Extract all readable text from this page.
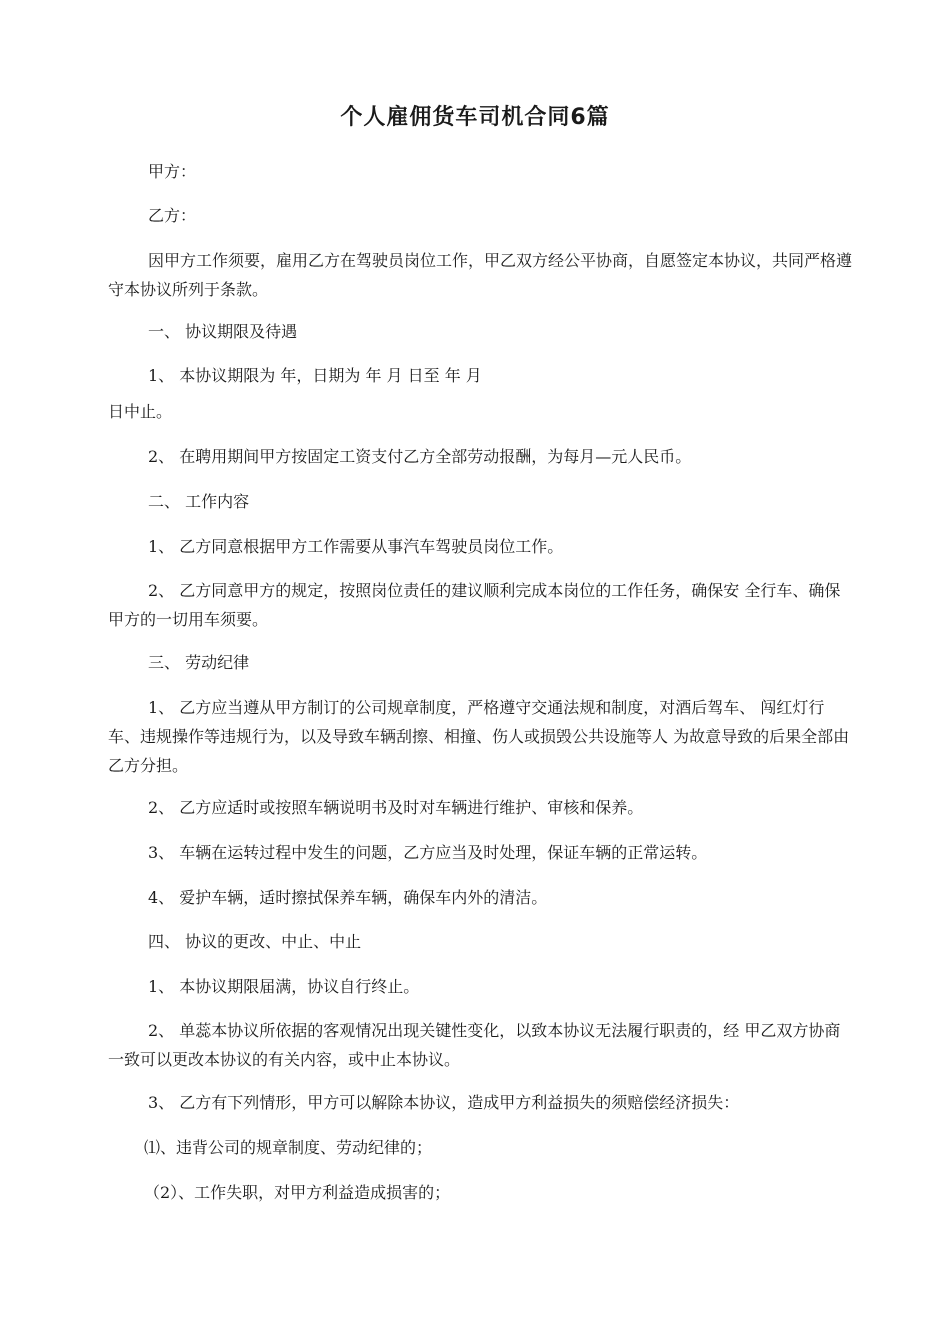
个人雇佣货车司机合同6篇
甲方：
乙方：
因甲方工作须要，雇用乙方在驾驶员岗位工作，甲乙双方经公平协商，自愿签定本协议，共同严格遵守本协议所列于条款。
一、 协议期限及待遇
1、 本协议期限为 年，日期为 年 月 日至 年 月
日中止。
2、 在聘用期间甲方按固定工资支付乙方全部劳动报酬，为每月—元人民币。
二、 工作内容
1、 乙方同意根据甲方工作需要从事汽车驾驶员岗位工作。
2、 乙方同意甲方的规定，按照岗位责任的建议顺利完成本岗位的工作任务，确保安 全行车、确保甲方的一切用车须要。
三、 劳动纪律
1、 乙方应当遵从甲方制订的公司规章制度，严格遵守交通法规和制度，对酒后驾车、 闯红灯行车、违规操作等违规行为，以及导致车辆刮擦、相撞、伤人或损毁公共设施等人 为故意导致的后果全部由乙方分担。
2、 乙方应适时或按照车辆说明书及时对车辆进行维护、审核和保养。
3、 车辆在运转过程中发生的问题，乙方应当及时处理，保证车辆的正常运转。
4、 爱护车辆，适时擦拭保养车辆，确保车内外的清洁。
四、 协议的更改、中止、中止
1、 本协议期限届满，协议自行终止。
2、 单蕊本协议所依据的客观情况出现关键性变化，以致本协议无法履行职责的，经 甲乙双方协商一致可以更改本协议的有关内容，或中止本协议。
3、 乙方有下列情形，甲方可以解除本协议，造成甲方利益损失的须赔偿经济损失：
⑴、违背公司的规章制度、劳动纪律的；
（2）、工作失职，对甲方利益造成损害的；
